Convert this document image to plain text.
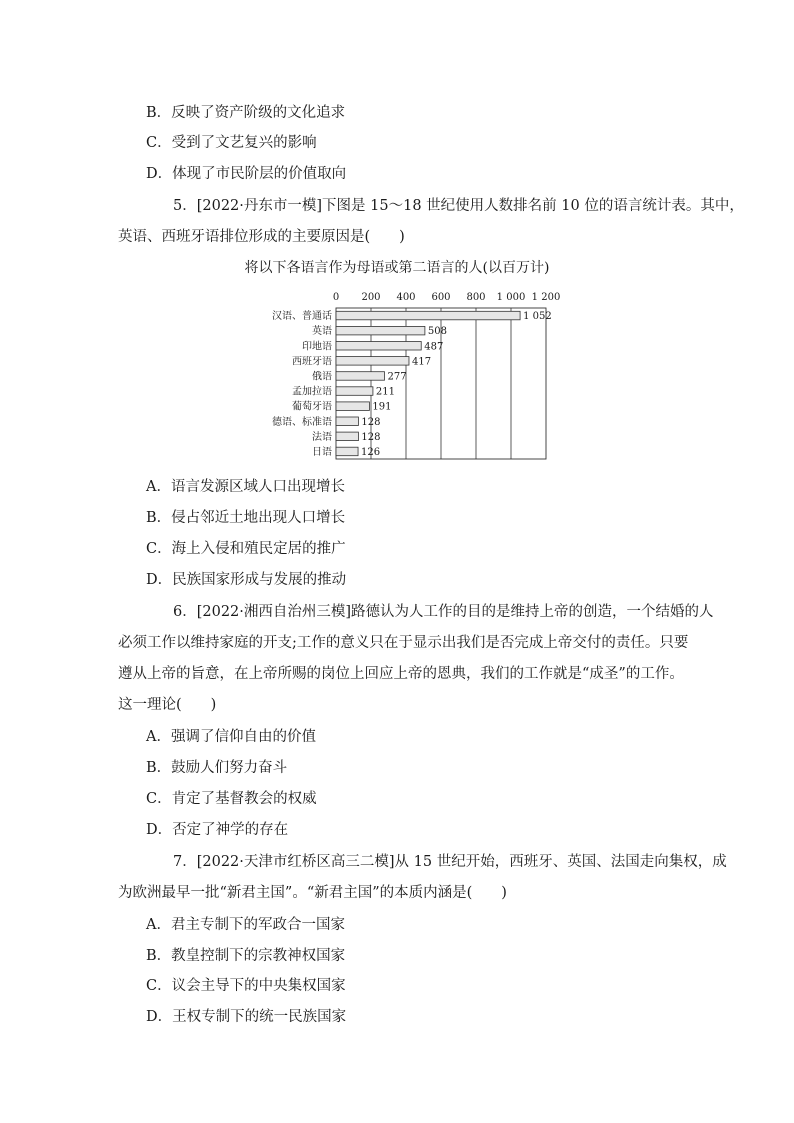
B．反映了资产阶级的文化追求
C．受到了文艺复兴的影响
D．体现了市民阶层的价值取向
5．[2022·丹东市一模]下图是 15～18 世纪使用人数排名前 10 位的语言统计表。其中，
英语、西班牙语排位形成的主要原因是(　　)
将以下各语言作为母语或第二语言的人(以百万计)
0 200 400 600 800 1 000 1 200
汉语、普通话	1 052
英语	508
印地语	487
西班牙语	417
俄语	277
孟加拉语	211
葡萄牙语	191
德语、标准语	128
法语	128
日语	126
A．语言发源区域人口出现增长
B．侵占邻近土地出现人口增长
C．海上入侵和殖民定居的推广
D．民族国家形成与发展的推动
6．[2022·湘西自治州三模]路德认为人工作的目的是维持上帝的创造，一个结婚的人
必须工作以维持家庭的开支;工作的意义只在于显示出我们是否完成上帝交付的责任。只要
遵从上帝的旨意，在上帝所赐的岗位上回应上帝的恩典，我们的工作就是“成圣”的工作。
这一理论(　　)
A．强调了信仰自由的价值
B．鼓励人们努力奋斗
C．肯定了基督教会的权威
D．否定了神学的存在
7．[2022·天津市红桥区高三二模]从 15 世纪开始，西班牙、英国、法国走向集权，成
为欧洲最早一批“新君主国”。“新君主国”的本质内涵是(　　)
A．君主专制下的军政合一国家
B．教皇控制下的宗教神权国家
C．议会主导下的中央集权国家
D．王权专制下的统一民族国家
